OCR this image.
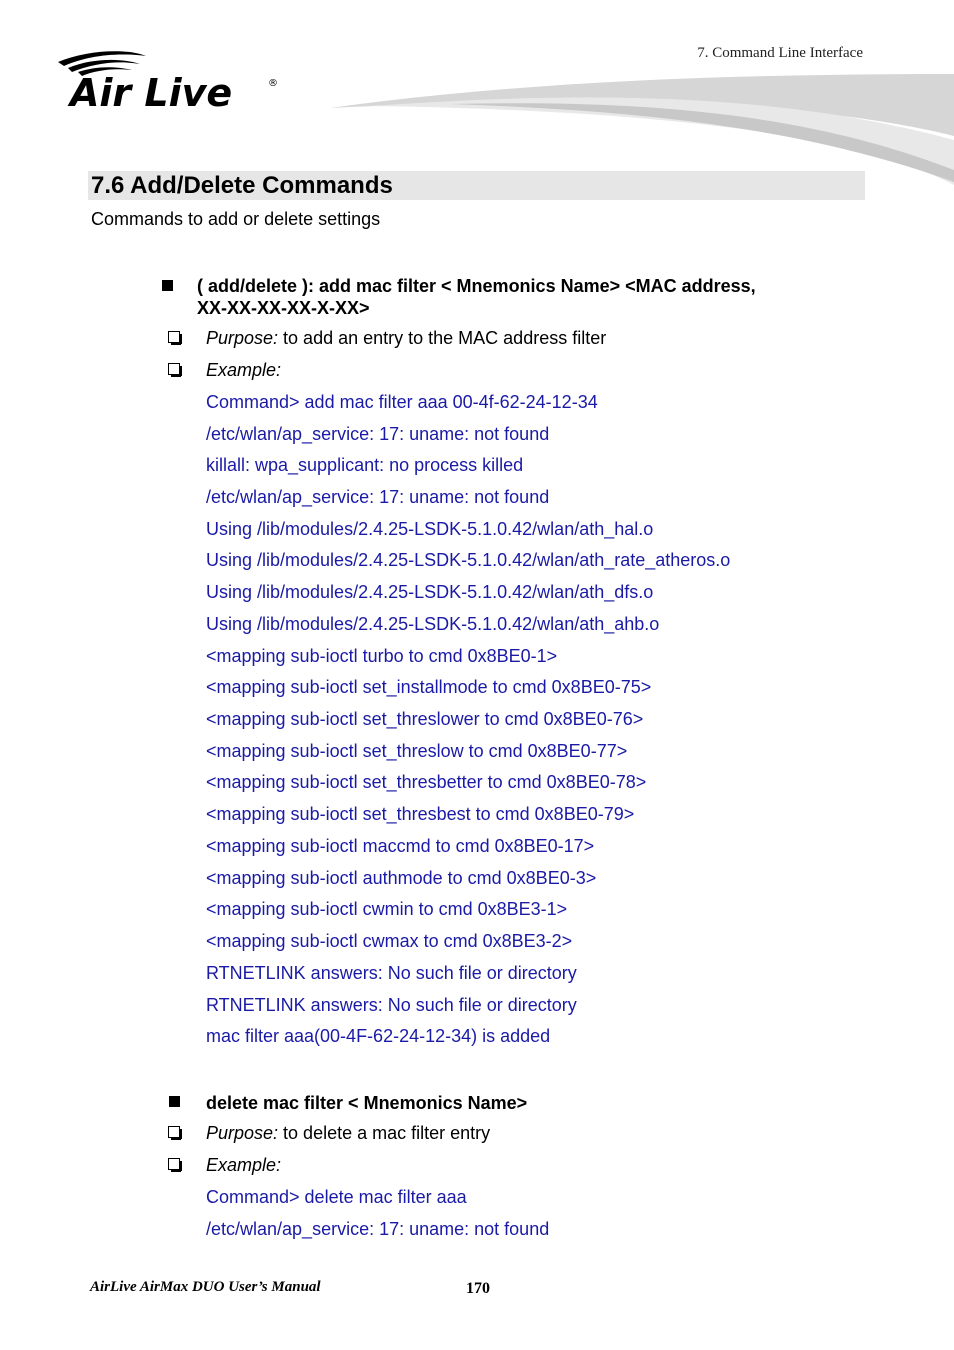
7. Command Line Interface
Air Live	®
7.6 Add/Delete Commands
Commands to add or delete settings
( add/delete ): add mac filter < Mnemonics Name> <MAC address,
XX-XX-XX-XX-X-XX>
Purpose: to add an entry to the MAC address filter
Example:
Command> add mac filter aaa 00-4f-62-24-12-34
/etc/wlan/ap_service: 17: uname: not found
killall: wpa_supplicant: no process killed
/etc/wlan/ap_service: 17: uname: not found
Using /lib/modules/2.4.25-LSDK-5.1.0.42/wlan/ath_hal.o
Using /lib/modules/2.4.25-LSDK-5.1.0.42/wlan/ath_rate_atheros.o
Using /lib/modules/2.4.25-LSDK-5.1.0.42/wlan/ath_dfs.o
Using /lib/modules/2.4.25-LSDK-5.1.0.42/wlan/ath_ahb.o
<mapping sub-ioctl turbo to cmd 0x8BE0-1>
<mapping sub-ioctl set_installmode to cmd 0x8BE0-75>
<mapping sub-ioctl set_threslower to cmd 0x8BE0-76>
<mapping sub-ioctl set_threslow to cmd 0x8BE0-77>
<mapping sub-ioctl set_thresbetter to cmd 0x8BE0-78>
<mapping sub-ioctl set_thresbest to cmd 0x8BE0-79>
<mapping sub-ioctl maccmd to cmd 0x8BE0-17>
<mapping sub-ioctl authmode to cmd 0x8BE0-3>
<mapping sub-ioctl cwmin to cmd 0x8BE3-1>
<mapping sub-ioctl cwmax to cmd 0x8BE3-2>
RTNETLINK answers: No such file or directory
RTNETLINK answers: No such file or directory
mac filter aaa(00-4F-62-24-12-34) is added
delete mac filter < Mnemonics Name>
Purpose: to delete a mac filter entry
Example:
Command> delete mac filter aaa
/etc/wlan/ap_service: 17: uname: not found
AirLive AirMax DUO User’s Manual	170
